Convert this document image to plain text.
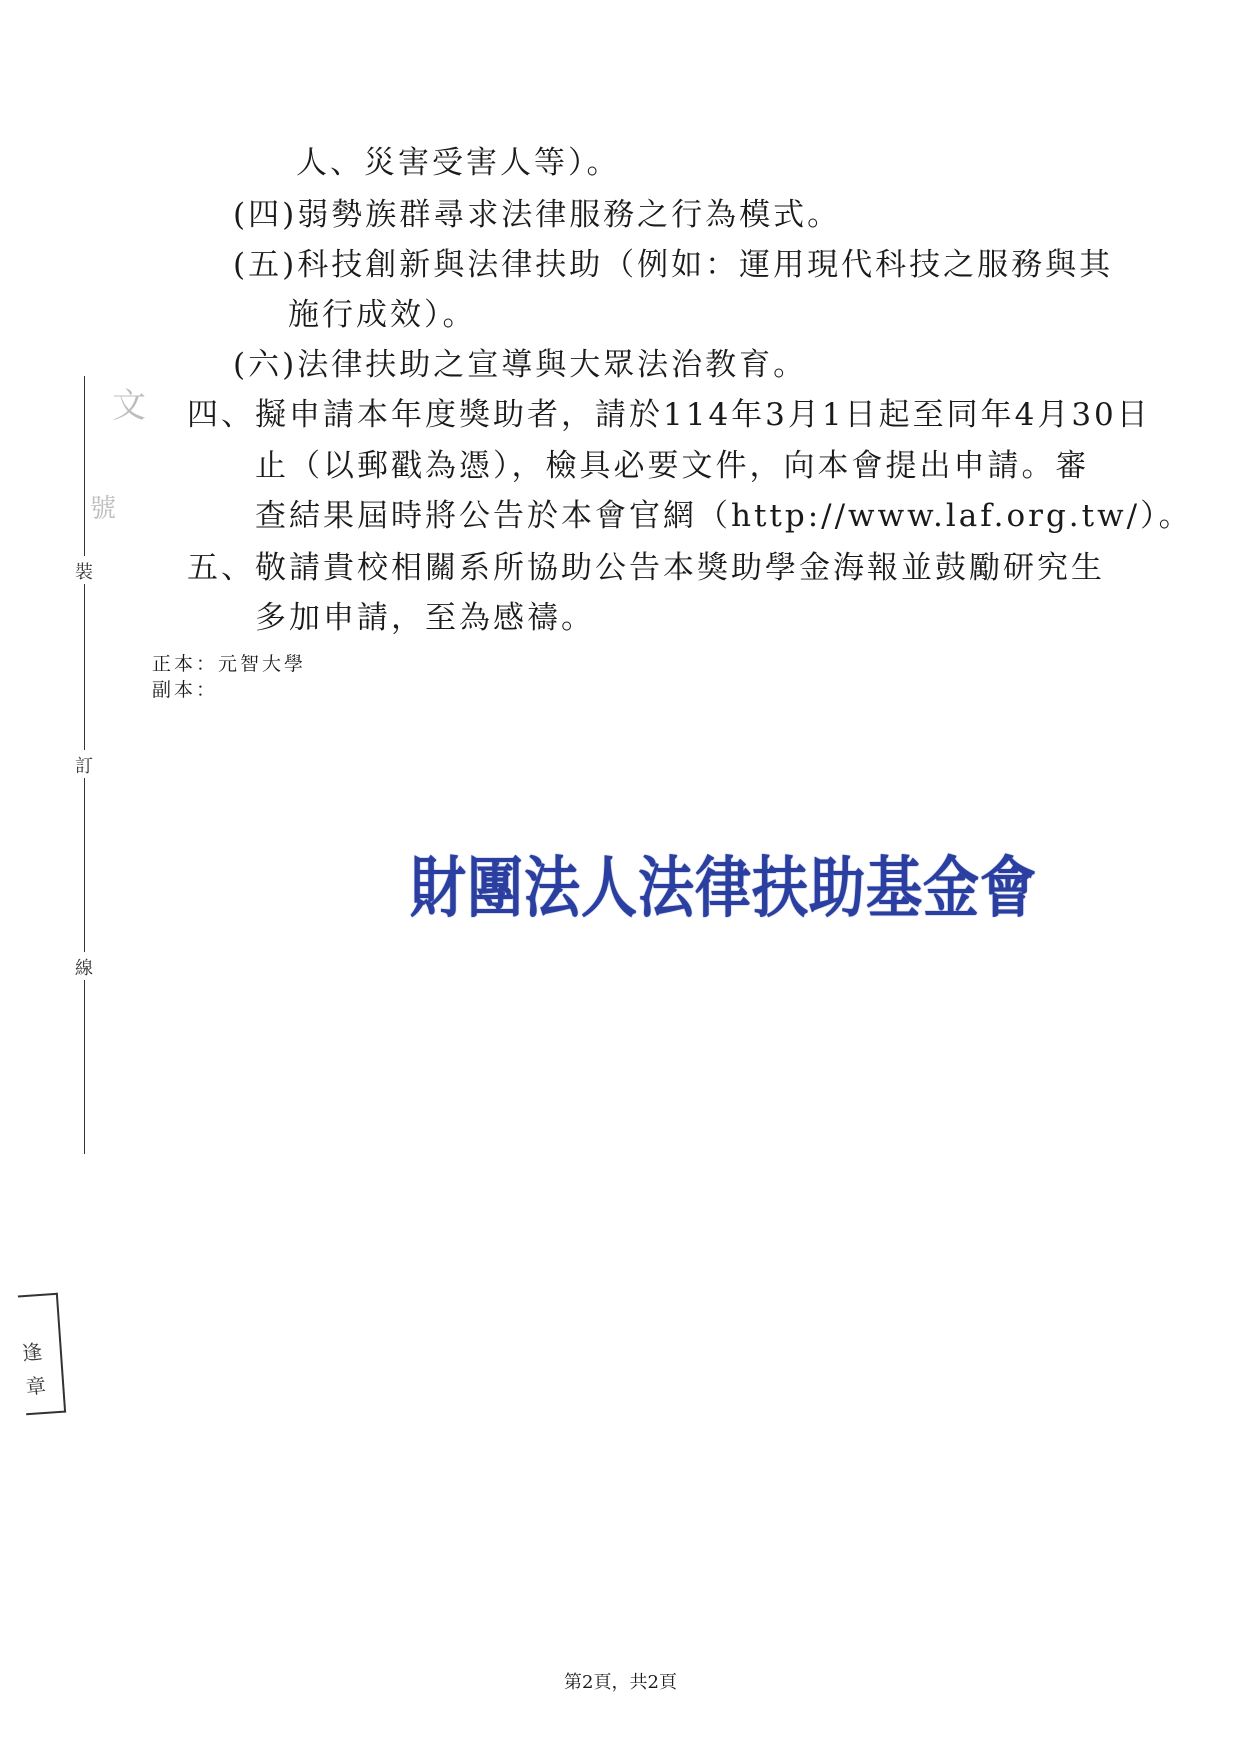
文
號
裝
訂
線
人、災害受害人等）。
(四)弱勢族群尋求法律服務之行為模式。
(五)科技創新與法律扶助（例如：運用現代科技之服務與其
施行成效）。
(六)法律扶助之宣導與大眾法治教育。
四、擬申請本年度獎助者，請於114年3月1日起至同年4月30日
止（以郵戳為憑），檢具必要文件，向本會提出申請。審
查結果屆時將公告於本會官網（http://www.laf.org.tw/）。
五、敬請貴校相關系所協助公告本獎助學金海報並鼓勵研究生
多加申請，至為感禱。
正本：元智大學
副本：
財團法人法律扶助基金會
逢
章
第2頁，共2頁
